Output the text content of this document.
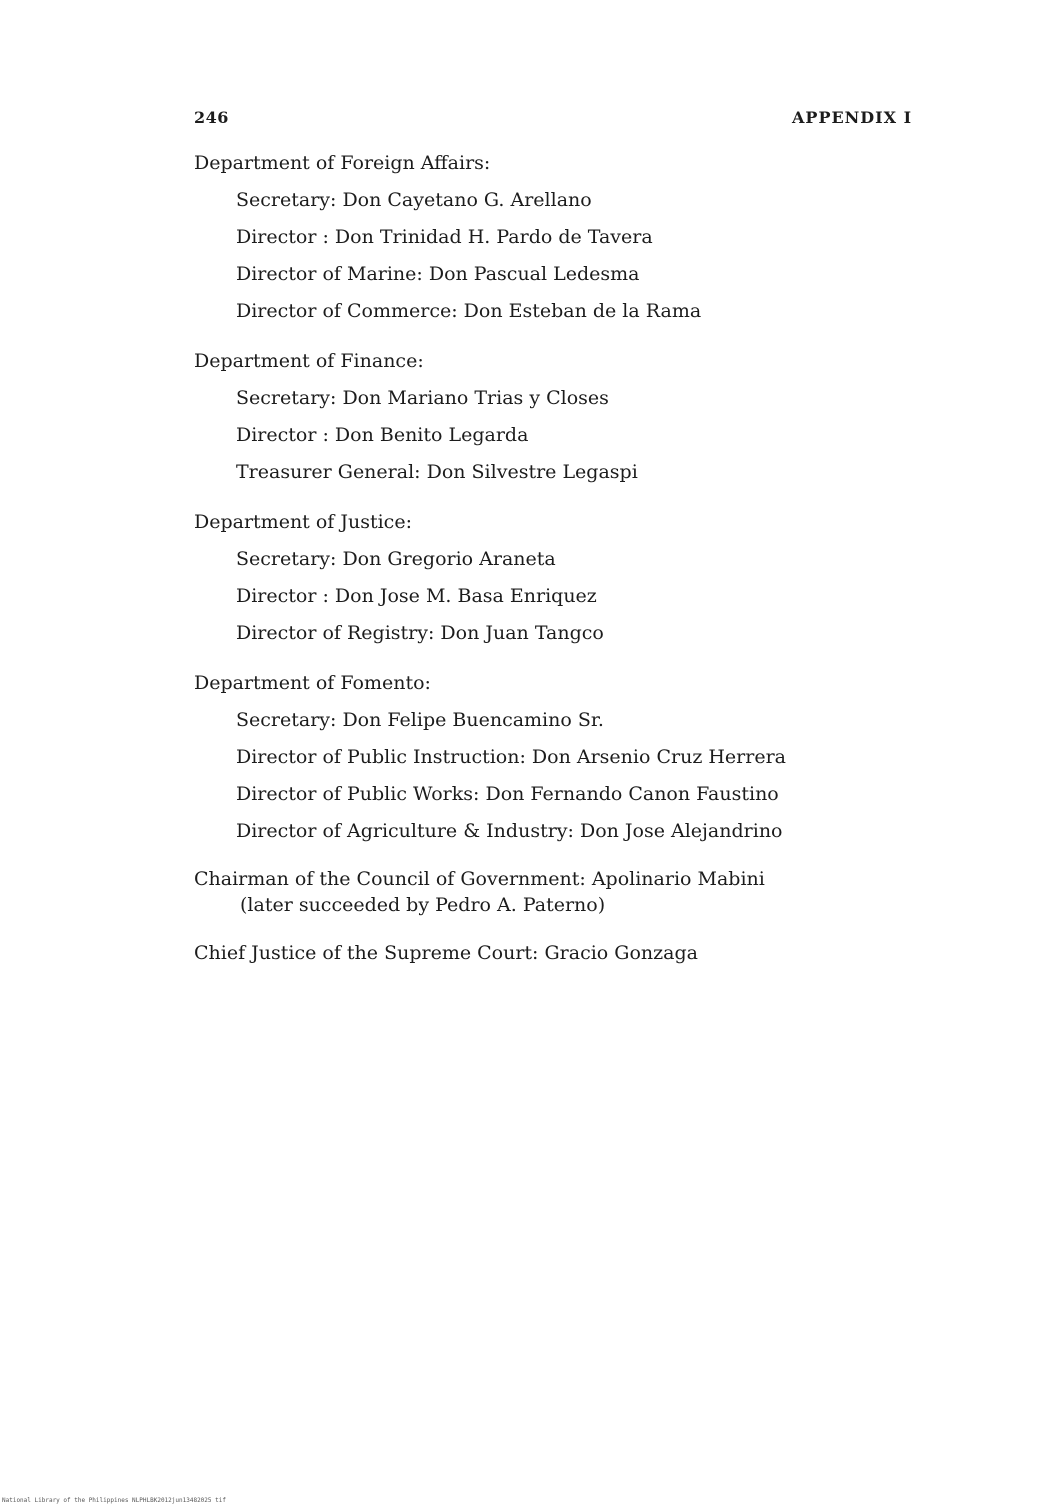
246	APPENDIX I
Department of Foreign Affairs:
Secretary: Don Cayetano G. Arellano
Director : Don Trinidad H. Pardo de Tavera
Director of Marine: Don Pascual Ledesma
Director of Commerce: Don Esteban de la Rama
Department of Finance:
Secretary: Don Mariano Trias y Closes
Director : Don Benito Legarda
Treasurer General: Don Silvestre Legaspi
Department of Justice:
Secretary: Don Gregorio Araneta
Director : Don Jose M. Basa Enriquez
Director of Registry: Don Juan Tangco
Department of Fomento:
Secretary: Don Felipe Buencamino Sr.
Director of Public Instruction: Don Arsenio Cruz Herrera
Director of Public Works: Don Fernando Canon Faustino
Director of Agriculture & Industry: Don Jose Alejandrino
Chairman of the Council of Government: Apolinario Mabini
(later succeeded by Pedro A. Paterno)
Chief Justice of the Supreme Court: Gracio Gonzaga
National Library of the Philippines NLPHLBK2012jun13482025 tif
